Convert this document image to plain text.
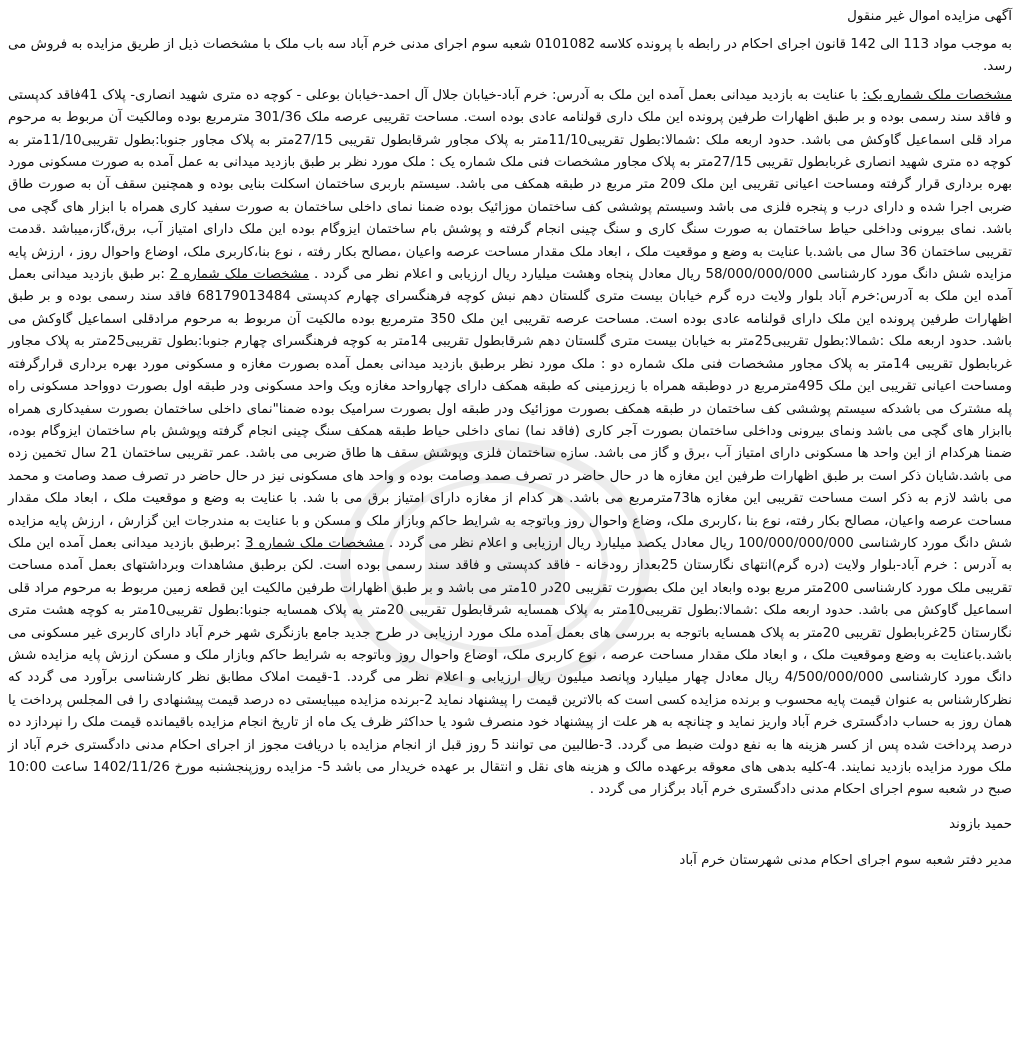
آگهی مزایده اموال غیر منقول

به موجب مواد 113 الی 142 قانون اجرای احکام در رابطه با پرونده کلاسه 0101082 شعبه سوم اجرای مدنی خرم آباد سه باب ملک با مشخصات ذیل از طریق مزایده به فروش می رسد.

مشخصات ملک شماره یک: با عنایت به بازدید میدانی بعمل آمده این ملک به آدرس: خرم آباد-خیابان جلال آل احمد-خیابان بوعلی - کوچه ده متری شهید انصاری- پلاک 41فاقد کدپستی و فاقد سند رسمی بوده و بر طبق اظهارات طرفین پرونده این ملک داری قولنامه عادی بوده است. مساحت تقریبی عرصه ملک 301/36 مترمربع بوده ومالکیت آن مربوط به مرحوم مراد قلی اسماعیل گاوکش می باشد. حدود اربعه ملک :شمالا:بطول تقریبی11/10متر به پلاک مجاور شرقابطول تقریبی 27/15متر به پلاک مجاور جنوبا:بطول تقریبی11/10متر به کوچه ده متری شهید انصاری غربابطول تقریبی 27/15متر به پلاک مجاور مشخصات فنی ملک شماره یک : ملک مورد نظر بر طبق بازدید میدانی به عمل آمده به صورت مسکونی مورد بهره برداری قرار گرفته ومساحت اعیانی تقریبی این ملک 209 متر مربع در طبقه همکف می باشد. سیستم باربری ساختمان اسکلت بنایی بوده و همچنین سقف آن به صورت طاق ضربی اجرا شده و دارای درب و پنجره فلزی می باشد وسیستم پوششی کف ساختمان موزائیک بوده ضمنا نمای داخلی ساختمان به صورت سفید کاری همراه با ابزار های گچی می باشد. نمای بیرونی وداخلی حیاط ساختمان به صورت سنگ کاری و سنگ چینی انجام گرفته و پوشش بام ساختمان ایزوگام بوده این ملک دارای امتیاز آب، برق،گاز،میباشد .قدمت تقریبی ساختمان 36 سال می باشد.با عنایت به وضع و موقعیت ملک ، ابعاد ملک مقدار مساحت عرصه واعیان ،مصالح بکار رفته ، نوع بنا،کاربری ملک، اوضاع واحوال روز ، ارزش پایه مزایده شش دانگ مورد کارشناسی 58/000/000/000 ریال معادل پنجاه وهشت میلیارد ریال ارزیابی و اعلام نظر می گردد . مشخصات ملک شماره 2 :بر طبق بازدید میدانی بعمل آمده این ملک به آدرس:خرم آباد بلوار ولایت دره گرم خیابان بیست متری گلستان دهم نبش کوچه فرهنگسرای چهارم کدپستی 68179013484 فاقد سند رسمی بوده و بر طبق اظهارات طرفین پرونده این ملک دارای قولنامه عادی بوده است. مساحت عرصه تقریبی این ملک 350 مترمربع بوده مالکیت آن مربوط به مرحوم مرادقلی اسماعیل گاوکش می باشد. حدود اربعه ملک :شمالا:بطول تقریبی25متر به خیابان بیست متری گلستان دهم شرقابطول تقریبی 14متر به کوچه فرهنگسرای چهارم جنوبا:بطول تقریبی25متر به پلاک مجاور غربابطول تقریبی 14متر به پلاک مجاور مشخصات فنی ملک شماره دو : ملک مورد نظر برطبق بازدید میدانی بعمل آمده بصورت مغازه و مسکونی مورد بهره برداری قرارگرفته ومساحت اعیانی تقریبی این ملک 495مترمربع در دوطبقه همراه با زیرزمینی که طبقه همکف دارای چهارواحد مغازه ویک واحد مسکونی ودر طبقه اول بصورت دوواحد مسکونی راه پله مشترک می باشدکه سیستم پوششی کف ساختمان در طبقه همکف بصورت موزائیک ودر طبقه اول بصورت سرامیک بوده ضمنا"نمای داخلی ساختمان بصورت سفیدکاری همراه باابزار های گچی می باشد ونمای بیرونی وداخلی ساختمان بصورت آجر کاری (فاقد نما) نمای داخلی حیاط طبقه همکف سنگ چینی انجام گرفته وپوشش بام ساختمان ایزوگام بوده، ضمنا هرکدام از این واحد ها مسکونی دارای امتیاز آب ،برق و گاز می باشد. سازه ساختمان فلزی وپوشش سقف ها طاق ضربی می باشد. عمر تقریبی ساختمان 21 سال تخمین زده می باشد.شایان ذکر است بر طبق اظهارات طرفین این مغازه ها در حال حاضر در تصرف صمد وصامت بوده و واحد های مسکونی نیز در حال حاضر در تصرف صمد وصامت و محمد می باشد لازم به ذکر است مساحت تقریبی این مغازه ها73مترمربع می باشد. هر کدام از مغازه دارای امتیاز برق می با شد. با عنایت به وضع و موقعیت ملک ، ابعاد ملک مقدار مساحت عرصه واعیان، مصالح بکار رفته، نوع بنا ،کاربری ملک، وضاع واحوال روز وباتوجه به شرایط حاکم وبازار ملک و مسکن و با عنایت به مندرجات این گزارش ، ارزش پایه مزایده شش دانگ مورد کارشناسی 100/000/000/000 ریال معادل یکصد میلیارد ریال ارزیابی و اعلام نظر می گردد . مشخصات ملک شماره 3 :برطبق بازدید میدانی بعمل آمده این ملک به آدرس : خرم آباد-بلوار ولایت (دره گرم)انتهای نگارستان 25بعداز رودخانه - فاقد کدپستی و فاقد سند رسمی بوده است. لکن برطبق مشاهدات وبرداشتهای بعمل آمده مساحت تقریبی ملک مورد کارشناسی 200متر مربع بوده وابعاد این ملک بصورت تقریبی 20در 10متر می باشد و بر طبق اظهارات طرفین مالکیت این قطعه زمین مربوط به مرحوم مراد قلی اسماعیل گاوکش می باشد. حدود اربعه ملک :شمالا:بطول تقریبی10متر به پلاک همسایه شرقابطول تقریبی 20متر به پلاک همسایه جنوبا:بطول تقریبی10متر به کوچه هشت متری نگارستان 25غربابطول تقریبی 20متر به پلاک همسایه باتوجه به بررسی های بعمل آمده ملک مورد ارزیابی در طرح جدید جامع بازنگری شهر خرم آباد دارای کاربری غیر مسکونی می باشد.باعنایت به وضع وموقعیت ملک ، و ابعاد ملک مقدار مساحت عرصه ، نوع کاربری ملک، اوضاع واحوال روز وباتوجه به شرایط حاکم وبازار ملک و مسکن ارزش پایه مزایده شش دانگ مورد کارشناسی 4/500/000/000 ریال معادل چهار میلیارد وپانصد میلیون ریال ارزیابی و اعلام نظر می گردد. 1-قیمت املاک مطابق نظر کارشناسی برآورد می گردد که نظرکارشناس به عنوان قیمت پایه محسوب و برنده مزایده کسی است که بالاترین قیمت را پیشنهاد نماید 2-برنده مزایده میبایستی ده درصد قیمت پیشنهادی را فی المجلس پرداخت یا همان روز به حساب دادگستری خرم آباد واریز نماید و چنانچه به هر علت از پیشنهاد خود منصرف شود یا حداکثر ظرف یک ماه از تاریخ انجام مزایده باقیمانده قیمت ملک را نپردازد ده درصد پرداخت شده پس از کسر هزینه ها به نفع دولت ضبط می گردد. 3-طالبین می توانند 5 روز قبل از انجام مزایده با دریافت مجوز از اجرای احکام مدنی دادگستری خرم آباد از ملک مورد مزایده بازدید نمایند. 4-کلیه بدهی های معوقه برعهده مالک و هزینه های نقل و انتقال بر عهده خریدار می باشد 5- مزایده روزپنجشنبه مورخ 1402/11/26 ساعت 10:00 صبح در شعبه سوم اجرای احکام مدنی دادگستری خرم آباد برگزار می گردد .

حمید بازوند
مدیر دفتر شعبه سوم اجرای احکام مدنی شهرستان خرم آباد
